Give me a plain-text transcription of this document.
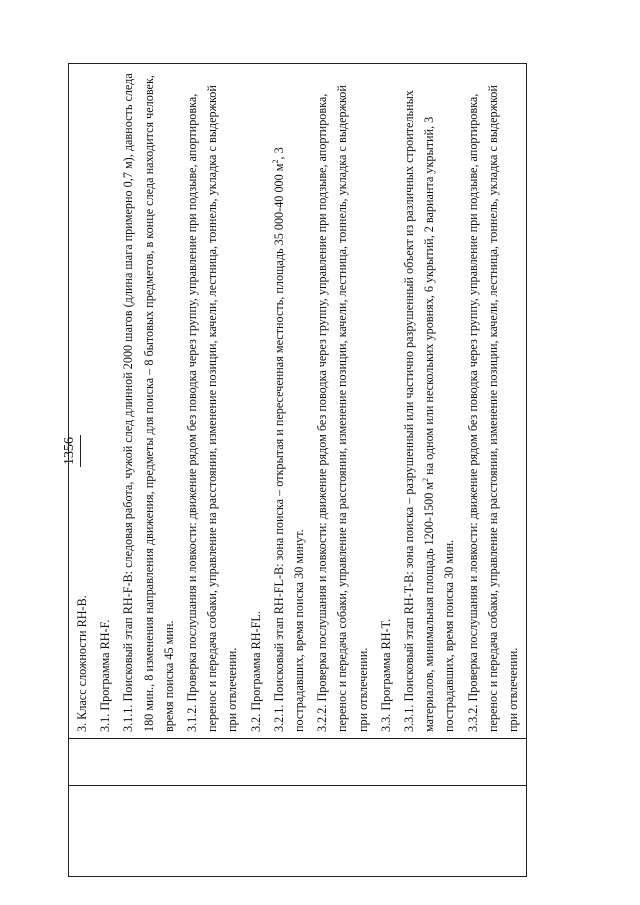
1356

3. Класс сложности RH-B. 3.1. Программа RH-F. 3.1.1. Поисковый этап RH-F-B: следовая работа, чужой след длинной 2000 шагов (длина шага примерно 0,7 м), давность следа 180 мин., 8 изменения направления движения, предметы для поиска – 8 бытовых предметов, в конце следа находится человек, время поиска 45 мин. 3.1.2. Проверка послушания и ловкости: движение рядом без поводка через группу, управление при подзыве, апортировка, перенос и передача собаки, управление на расстоянии, изменение позиции, качели, лестница, тоннель, укладка с выдержкой при отвлечении. 3.2. Программа RH-FL. 3.2.1. Поисковый этап RH-FL-B: зона поиска – открытая и пересеченная местность, площадь 35 000-40 000 $м^2$, 3 пострадавших, время поиска 30 минут. 3.2.2. Проверка послушания и ловкости: движение рядом без поводка через группу, управление при подзыве, апортировка, перенос и передача собаки, управление на расстоянии, изменение позиции, качели, лестница, тоннель, укладка с выдержкой при отвлечении. 3.3. Программа RH-T. 3.3.1. Поисковый этап RH-T-B: зона поиска – разрушенный или частично разрушенный объект из различных строительных материалов, минимальная площадь 1200-1500 $м^2$ на одном или нескольких уровнях, 6 укрытий, 2 варианта укрытий, 3 пострадавших, время поиска 30 мин. 3.3.2. Проверка послушания и ловкости: движение рядом без поводка через группу, управление при подзыве, апортировка, перенос и передача собаки, управление на расстоянии, изменение позиции, качели, лестница, тоннель, укладка с выдержкой при отвлечении.
